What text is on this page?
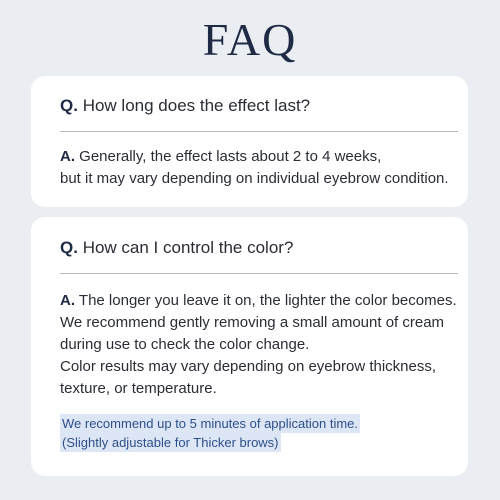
FAQ
Q. How long does the effect last?
A. Generally, the effect lasts about 2 to 4 weeks,
but it may vary depending on individual eyebrow condition.
Q. How can I control the color?
A. The longer you leave it on, the lighter the color becomes.
We recommend gently removing a small amount of cream
during use to check the color change.
Color results may vary depending on eyebrow thickness,
texture, or temperature.
We recommend up to 5 minutes of application time.
(Slightly adjustable for Thicker brows)
